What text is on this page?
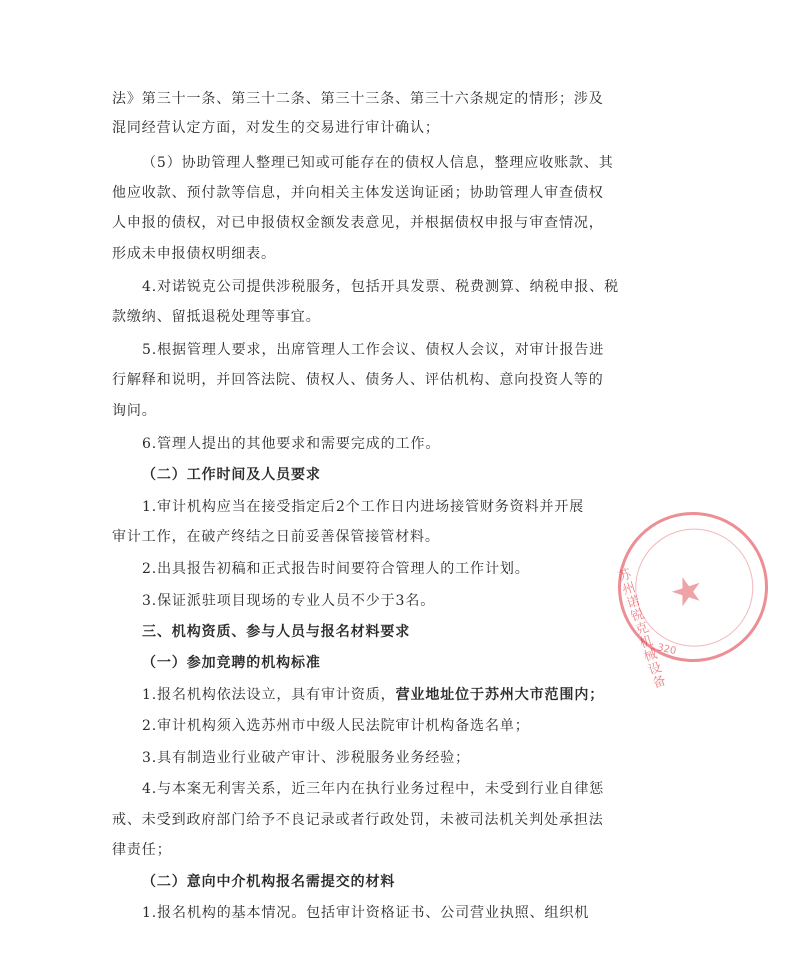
法》第三十一条、第三十二条、第三十三条、第三十六条规定的情形；涉及
混同经营认定方面，对发生的交易进行审计确认；
（5）协助管理人整理已知或可能存在的债权人信息，整理应收账款、其
他应收款、预付款等信息，并向相关主体发送询证函；协助管理人审查债权
人申报的债权，对已申报债权金额发表意见，并根据债权申报与审查情况，
形成未申报债权明细表。
4.对诺锐克公司提供涉税服务，包括开具发票、税费测算、纳税申报、税
款缴纳、留抵退税处理等事宜。
5.根据管理人要求，出席管理人工作会议、债权人会议，对审计报告进
行解释和说明，并回答法院、债权人、债务人、评估机构、意向投资人等的
询问。
6.管理人提出的其他要求和需要完成的工作。
（二）工作时间及人员要求
1.审计机构应当在接受指定后2个工作日内进场接管财务资料并开展
审计工作，在破产终结之日前妥善保管接管材料。
2.出具报告初稿和正式报告时间要符合管理人的工作计划。
3.保证派驻项目现场的专业人员不少于3名。
三、机构资质、参与人员与报名材料要求
（一）参加竞聘的机构标准
1.报名机构依法设立，具有审计资质，营业地址位于苏州大市范围内；
2.审计机构须入选苏州市中级人民法院审计机构备选名单；
3.具有制造业行业破产审计、涉税服务业务经验；
4.与本案无利害关系，近三年内在执行业务过程中，未受到行业自律惩
戒、未受到政府部门给予不良记录或者行政处罚，未被司法机关判处承担法
律责任；
（二）意向中介机构报名需提交的材料
1.报名机构的基本情况。包括审计资格证书、公司营业执照、组织机
★
苏州诺锐克机械设备
320
